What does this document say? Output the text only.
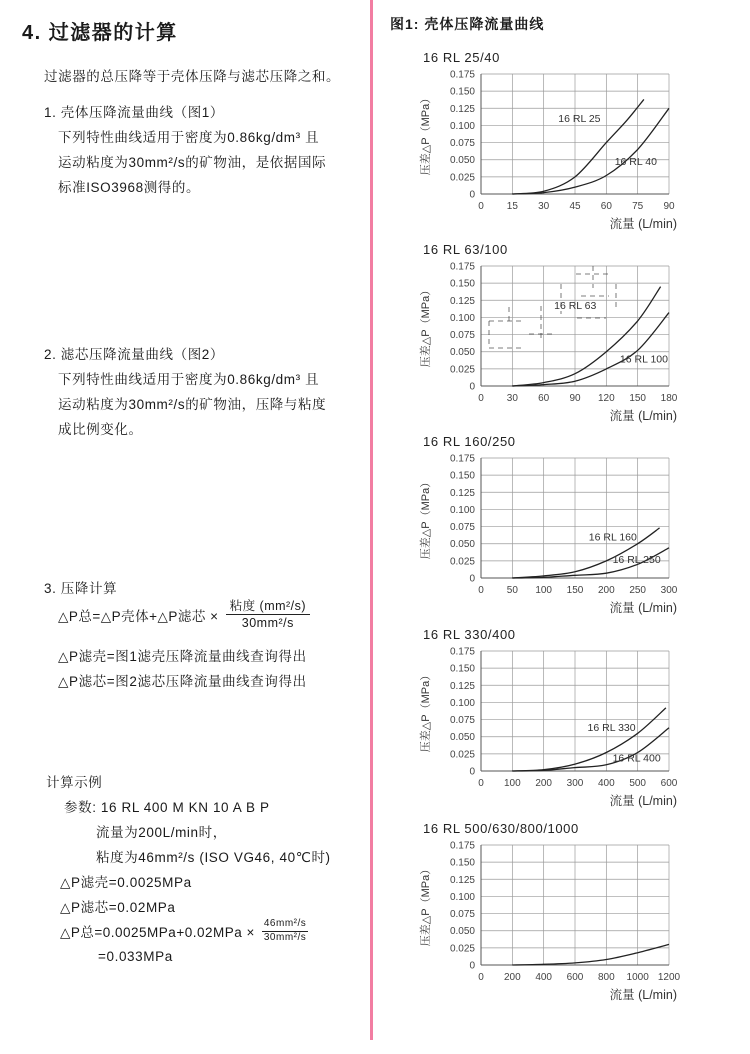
4. 过滤器的计算
过滤器的总压降等于壳体压降与滤芯压降之和。
1. 壳体压降流量曲线（图1）
下列特性曲线适用于密度为0.86kg/dm³ 且
运动粘度为30mm²/s的矿物油，是依据国际
标准ISO3968测得的。
2. 滤芯压降流量曲线（图2）
下列特性曲线适用于密度为0.86kg/dm³ 且
运动粘度为30mm²/s的矿物油，压降与粘度
成比例变化。
3. 压降计算
△P总=△P壳体+△P滤芯 × $\frac{\text{粘度 (mm²/s)}}{\text{30mm²/s}}$
△P滤壳=图1滤壳压降流量曲线查询得出
△P滤芯=图2滤芯压降流量曲线查询得出
计算示例
参数: 16 RL 400 M KN 10 A B P
流量为200L/min时，
粘度为46mm²/s (ISO VG46, 40℃时)
△P滤壳=0.0025MPa
△P滤芯=0.02MPa
△P总$=0.0025MPa+0.02MPa \times \frac{\text{46mm²/s}}{\text{30mm²/s}}$
=0.033MPa
图1: 壳体压降流量曲线
16 RL 25/40
0.175
0.150
0.125
0.100
0.075
0.050
0.025
0
0 15 30 45 60 75 90
压差△P（MPa）
流量 (L/min)
16 RL 25
16 RL 40
16 RL 63/100
0.175
0.150
0.125
0.100
0.075
0.050
0.025
0
0 30 60 90 120 150 180
压差△P（MPa）
流量 (L/min)
16 RL 63
16 RL 100
16 RL 160/250
0.175
0.150
0.125
0.100
0.075
0.050
0.025
0
0 50 100 150 200 250 300
压差△P（MPa）
流量 (L/min)
16 RL 160
16 RL 250
16 RL 330/400
0.175
0.150
0.125
0.100
0.075
0.050
0.025
0
0 100 200 300 400 500 600
压差△P（MPa）
流量 (L/min)
16 RL 330
16 RL 400
16 RL 500/630/800/1000
0.175
0.150
0.125
0.100
0.075
0.050
0.025
0
0 200 400 600 800 1000 1200
压差△P（MPa）
流量 (L/min)
